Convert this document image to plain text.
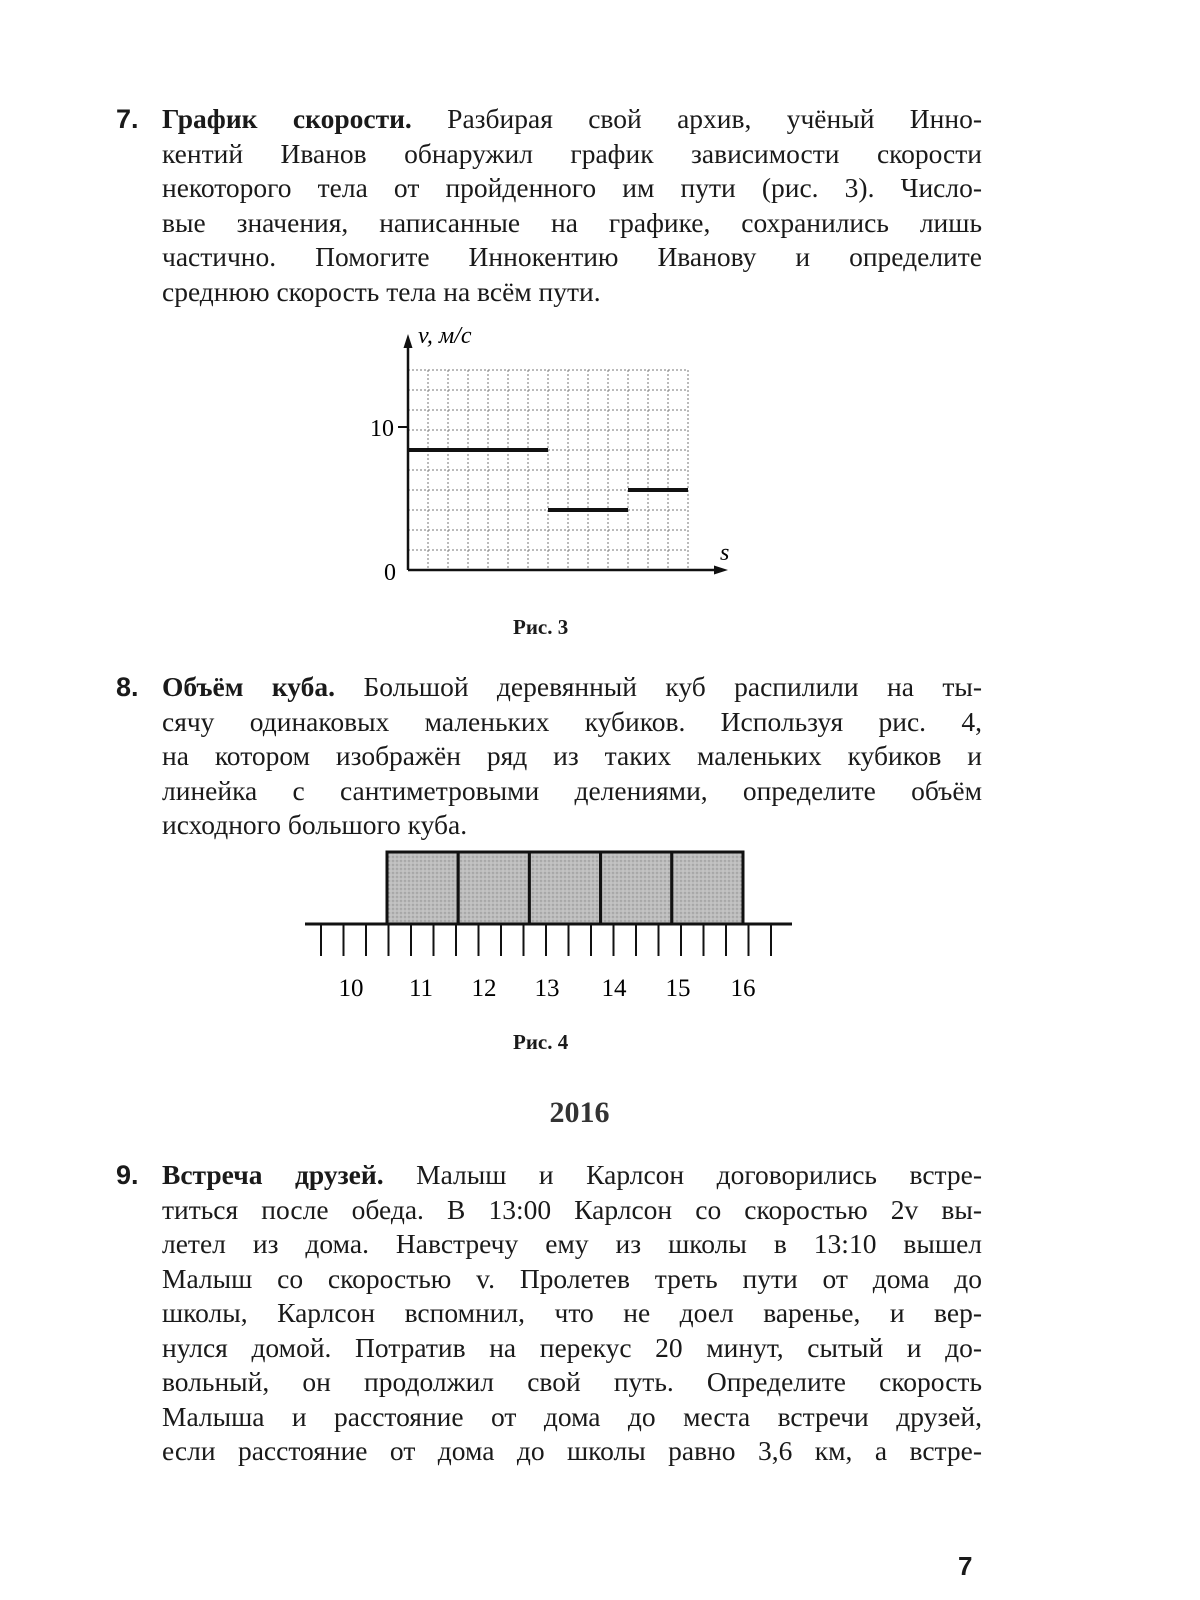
7. График скорости. Разбирая свой архив, учёный Инно-
кентий Иванов обнаружил график зависимости скорости
некоторого тела от пройденного им пути (рис. 3). Число-
вые значения, написанные на графике, сохранились лишь
частично. Помогите Иннокентию Иванову и определите
среднюю скорость тела на всём пути.
v, м/с
10
0
s
Рис. 3
8. Объём куба. Большой деревянный куб распилили на ты-
сячу одинаковых маленьких кубиков. Используя рис. 4,
на котором изображён ряд из таких маленьких кубиков и
линейка с сантиметровыми делениями, определите объём
исходного большого куба.
10 11 12 13 14 15 16
Рис. 4
2016
9. Встреча друзей. Малыш и Карлсон договорились встре-
титься после обеда. В 13:00 Карлсон со скоростью 2v вы-
летел из дома. Навстречу ему из школы в 13:10 вышел
Малыш со скоростью v. Пролетев треть пути от дома до
школы, Карлсон вспомнил, что не доел варенье, и вер-
нулся домой. Потратив на перекус 20 минут, сытый и до-
вольный, он продолжил свой путь. Определите скорость
Малыша и расстояние от дома до места встречи друзей,
если расстояние от дома до школы равно 3,6 км, а встре-
7
